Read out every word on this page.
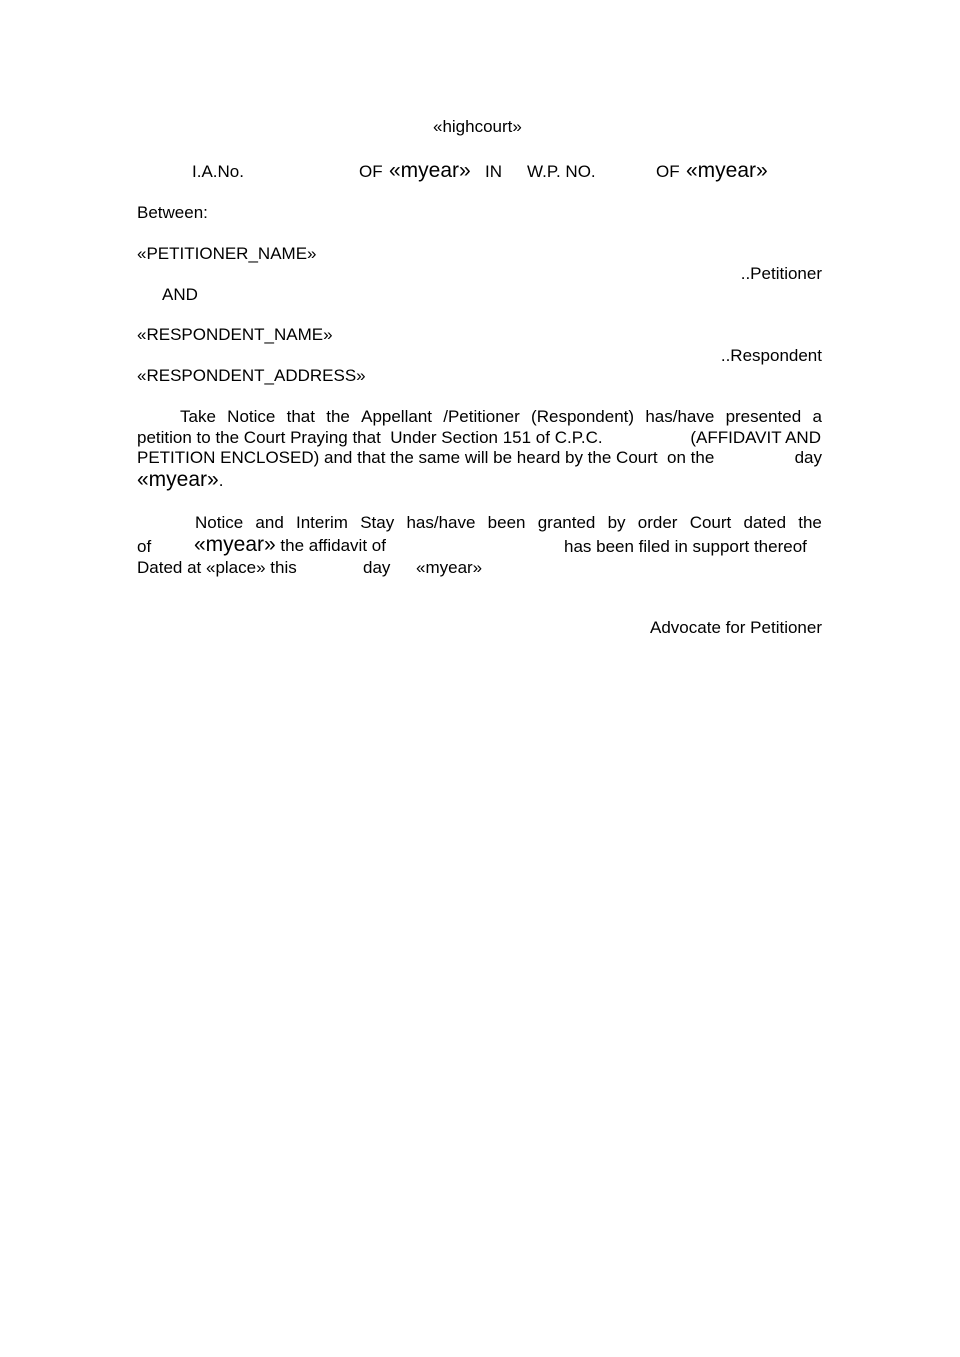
«highcourt»
I.A.No.	OF «myear» IN W.P. NO.	OF «myear»
Between:
«PETITIONER_NAME»
..Petitioner
AND
«RESPONDENT_NAME»
..Respondent
«RESPONDENT_ADDRESS»
Take Notice that the Appellant /Petitioner (Respondent) has/have presented a
petition to the Court Praying that  Under Section 151 of C.P.C.	(AFFIDAVIT AND
PETITION ENCLOSED) and that the same will be heard by the Court  on the	day
«myear».
Notice and Interim Stay has/have been granted by order Court dated the
of «myear» the affidavit of	has been filed in support thereof
Dated at «place» this	day «myear»
Advocate for Petitioner
